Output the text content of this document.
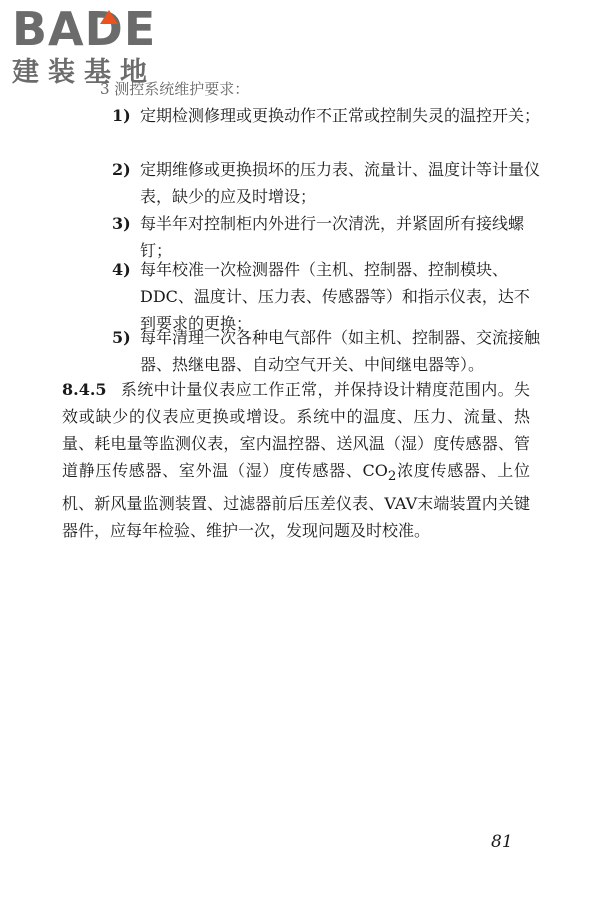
BADE
建装基地
3 测控系统维护要求：
1) 定期检测修理或更换动作不正常或控制失灵的温控开关；
2) 定期维修或更换损坏的压力表、流量计、温度计等计量仪表，缺少的应及时增设；
3) 每半年对控制柜内外进行一次清洗，并紧固所有接线螺钉；
4) 每年校准一次检测器件（主机、控制器、控制模块、DDC、温度计、压力表、传感器等）和指示仪表，达不到要求的更换；
5) 每年清理一次各种电气部件（如主机、控制器、交流接触器、热继电器、自动空气开关、中间继电器等）。
8.4.5 系统中计量仪表应工作正常，并保持设计精度范围内。失效或缺少的仪表应更换或增设。系统中的温度、压力、流量、热量、耗电量等监测仪表，室内温控器、送风温（湿）度传感器、管道静压传感器、室外温（湿）度传感器、$CO_2$浓度传感器、上位机、新风量监测装置、过滤器前后压差仪表、VAV末端装置内关键器件，应每年检验、维护一次，发现问题及时校准。
81
